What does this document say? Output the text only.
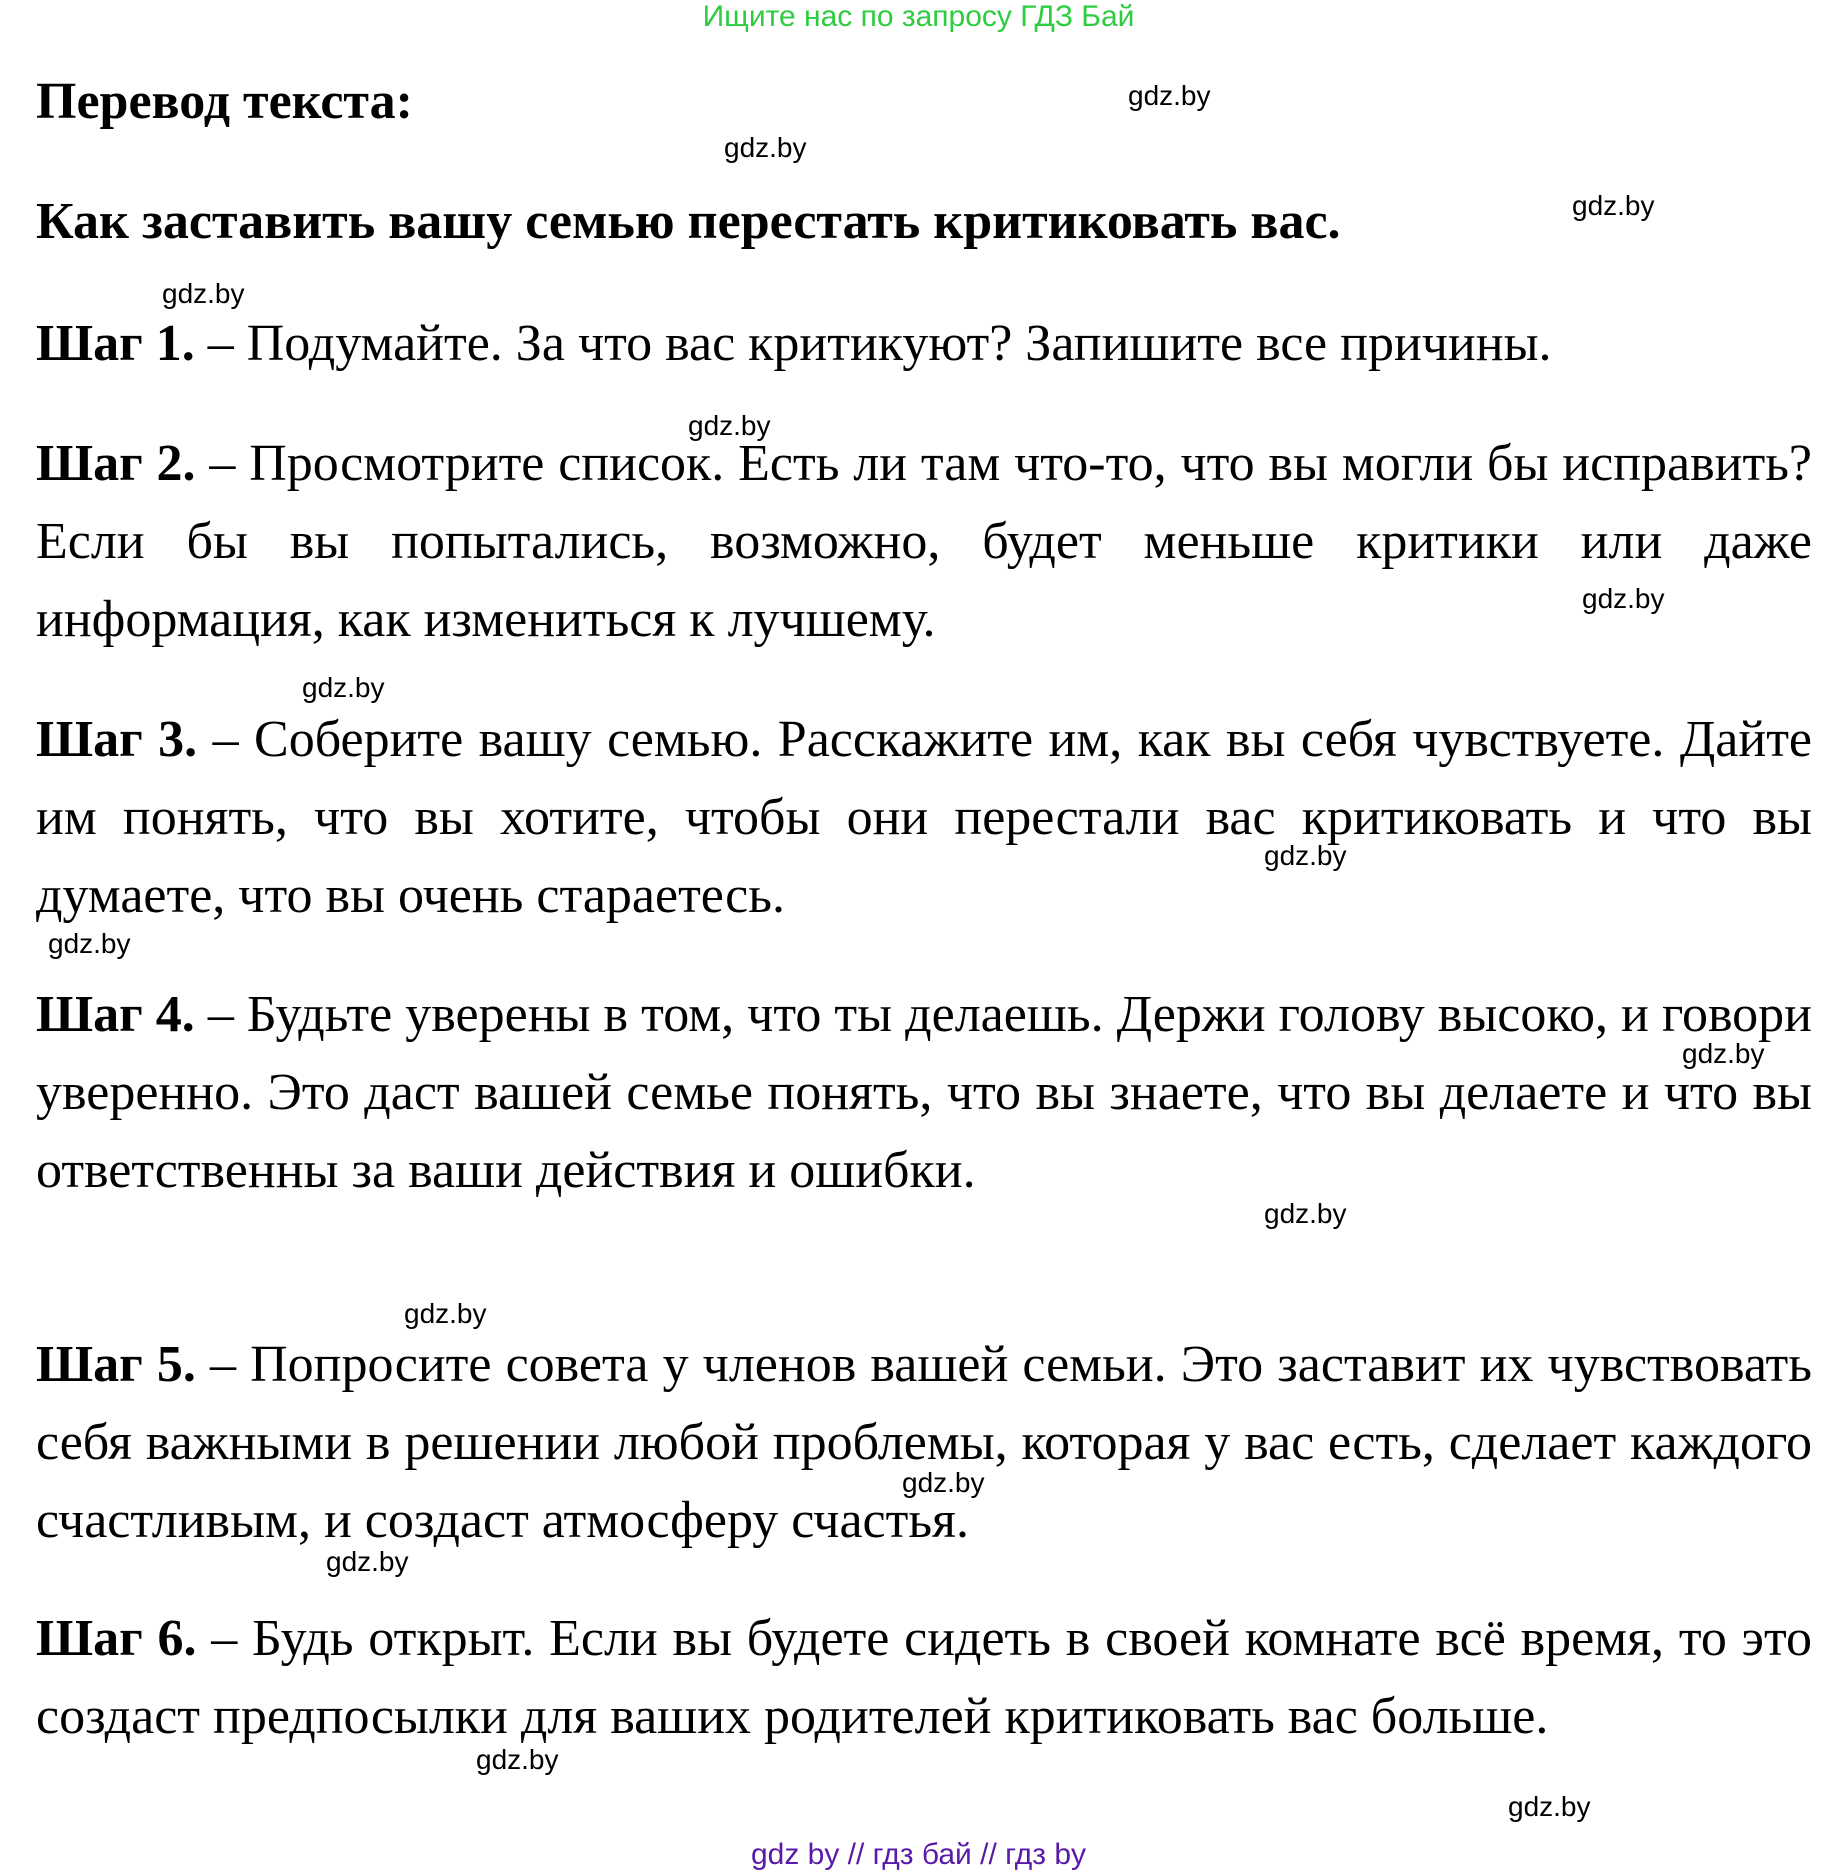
Ищите нас по запросу ГДЗ Бай
Перевод текста:
Как заставить вашу семью перестать критиковать вас.
Шаг 1. – Подумайте. За что вас критикуют? Запишите все причины.
Шаг 2. – Просмотрите список. Есть ли там что-то, что вы могли бы исправить? Если бы вы попытались, возможно, будет меньше критики или даже информация, как измениться к лучшему.
Шаг 3. – Соберите вашу семью. Расскажите им, как вы себя чувствуете. Дайте им понять, что вы хотите, чтобы они перестали вас критиковать и что вы думаете, что вы очень стараетесь.
Шаг 4. – Будьте уверены в том, что ты делаешь. Держи голову высоко, и говори уверенно. Это даст вашей семье понять, что вы знаете, что вы делаете и что вы ответственны за ваши действия и ошибки.
Шаг 5. – Попросите совета у членов вашей семьи. Это заставит их чувствовать себя важными в решении любой проблемы, которая у вас есть, сделает каждого счастливым, и создаст атмосферу счастья.
Шаг 6. – Будь открыт. Если вы будете сидеть в своей комнате всё время, то это создаст предпосылки для ваших родителей критиковать вас больше.
gdz.by
gdz.by
gdz.by
gdz.by
gdz.by
gdz.by
gdz.by
gdz.by
gdz.by
gdz.by
gdz.by
gdz.by
gdz.by
gdz.by
gdz.by
gdz.by
gdz by // гдз бай // гдз by
